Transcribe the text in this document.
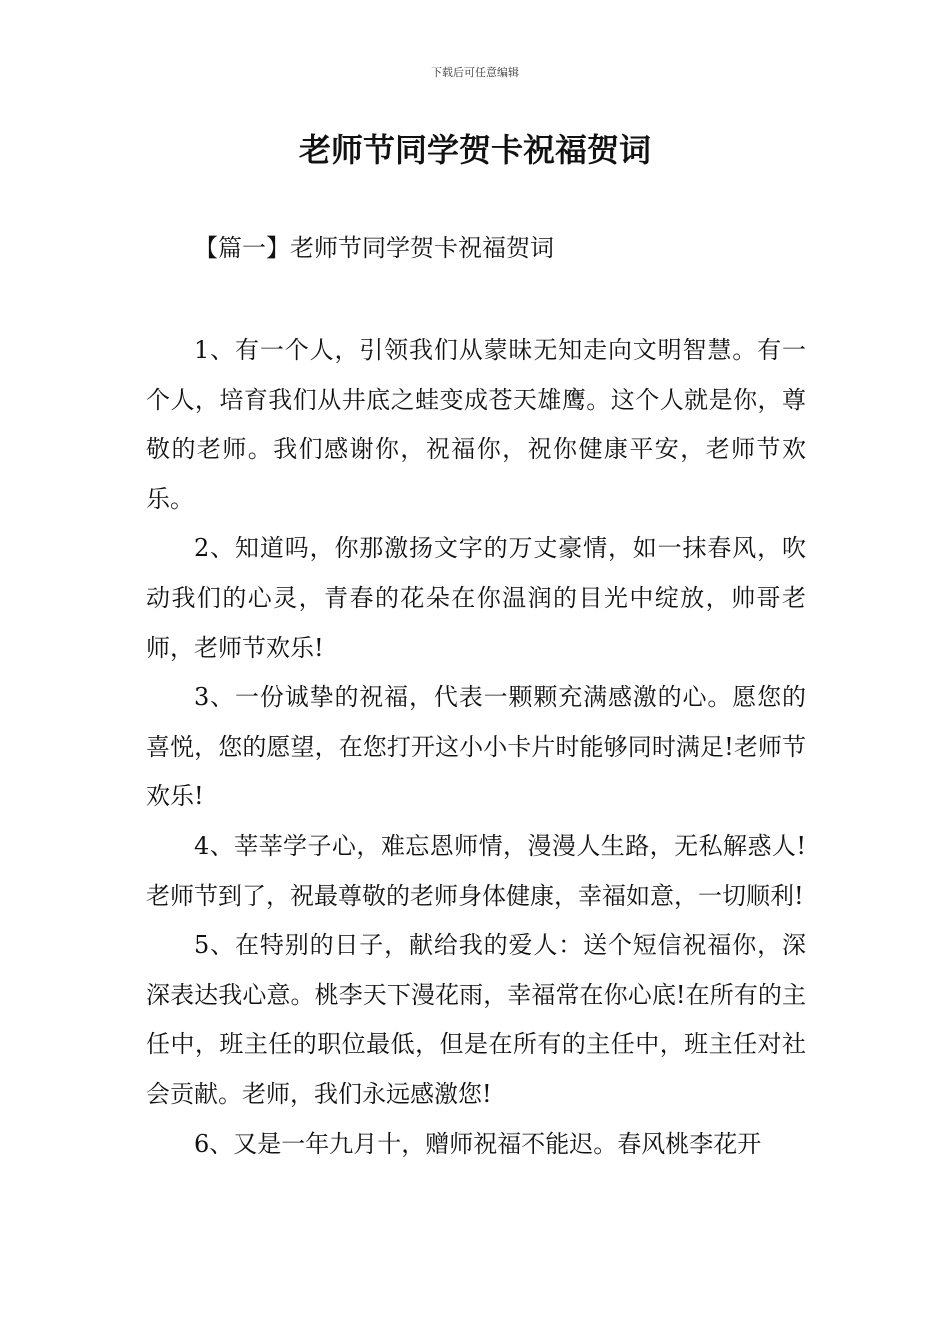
下载后可任意编辑
老师节同学贺卡祝福贺词
【篇一】老师节同学贺卡祝福贺词

1、有一个人，引领我们从蒙昧无知走向文明智慧。有一个人，培育我们从井底之蛙变成苍天雄鹰。这个人就是你，尊敬的老师。我们感谢你，祝福你，祝你健康平安，老师节欢乐。

2、知道吗，你那激扬文字的万丈豪情，如一抹春风，吹动我们的心灵，青春的花朵在你温润的目光中绽放，帅哥老师，老师节欢乐!

3、一份诚挚的祝福，代表一颗颗充满感激的心。愿您的喜悦，您的愿望，在您打开这小小卡片时能够同时满足!老师节欢乐!

4、莘莘学子心，难忘恩师情，漫漫人生路，无私解惑人!老师节到了，祝最尊敬的老师身体健康，幸福如意，一切顺利!

5、在特别的日子，献给我的爱人：送个短信祝福你，深深表达我心意。桃李天下漫花雨，幸福常在你心底!在所有的主任中，班主任的职位最低，但是在所有的主任中，班主任对社会贡献。老师，我们永远感激您!

6、又是一年九月十，赠师祝福不能迟。春风桃李花开
